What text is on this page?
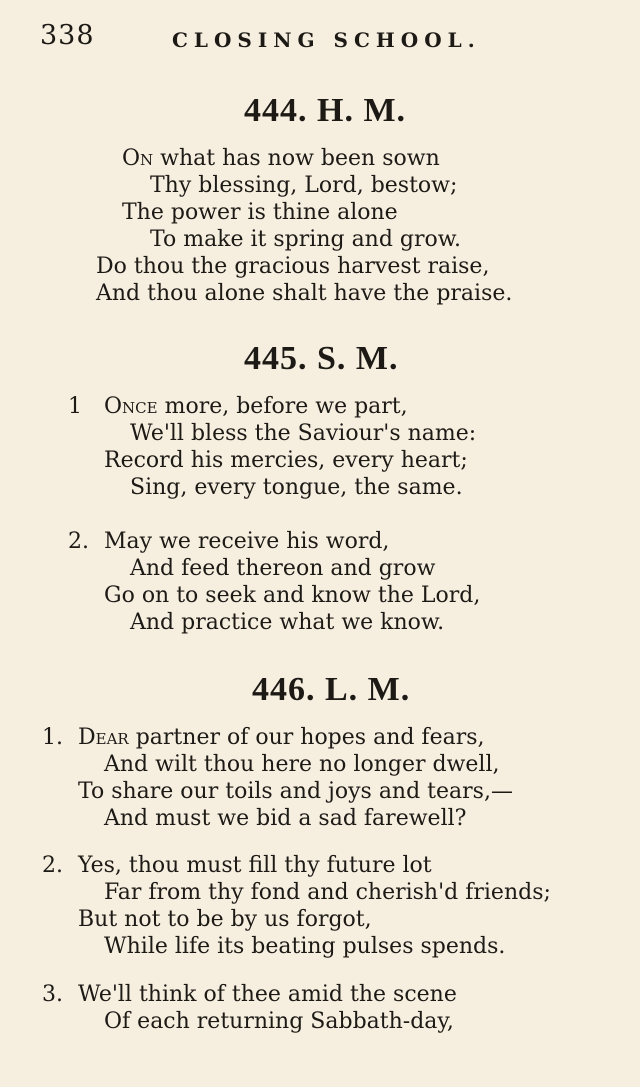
338	CLOSING SCHOOL.
444. H. M.
On what has now been sown
Thy blessing, Lord, bestow;
The power is thine alone
To make it spring and grow.
Do thou the gracious harvest raise,
And thou alone shalt have the praise.
445. S. M.
1 Once more, before we part,
We'll bless the Saviour's name:
Record his mercies, every heart;
Sing, every tongue, the same.
2. May we receive his word,
And feed thereon and grow
Go on to seek and know the Lord,
And practice what we know.
446. L. M.
1. Dear partner of our hopes and fears,
And wilt thou here no longer dwell,
To share our toils and joys and tears,—
And must we bid a sad farewell?
2. Yes, thou must fill thy future lot
Far from thy fond and cherish'd friends;
But not to be by us forgot,
While life its beating pulses spends.
3. We'll think of thee amid the scene
Of each returning Sabbath-day,
